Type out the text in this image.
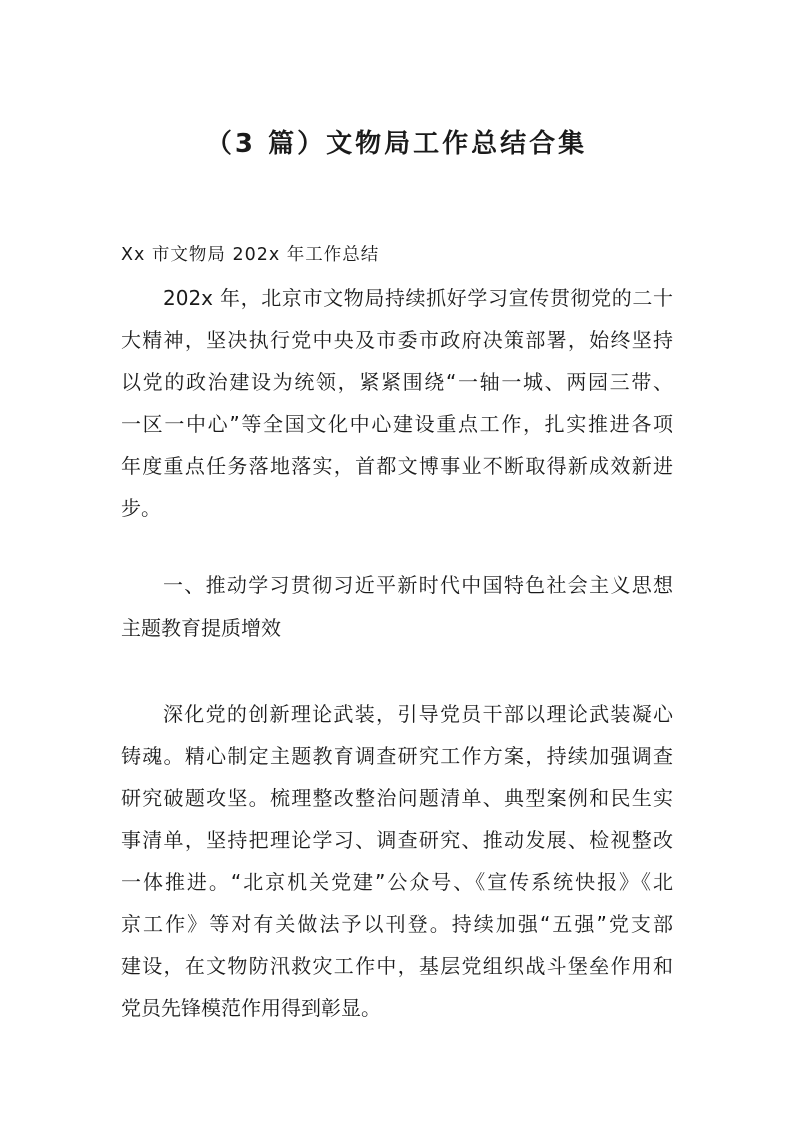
（3 篇）文物局工作总结合集
Xx 市文物局 202x 年工作总结
202x 年，北京市文物局持续抓好学习宣传贯彻党的二十
大精神，坚决执行党中央及市委市政府决策部署，始终坚持
以党的政治建设为统领，紧紧围绕“一轴一城、两园三带、
一区一中心”等全国文化中心建设重点工作，扎实推进各项
年度重点任务落地落实，首都文博事业不断取得新成效新进
步。
一、推动学习贯彻习近平新时代中国特色社会主义思想
主题教育提质增效
深化党的创新理论武装，引导党员干部以理论武装凝心
铸魂。精心制定主题教育调查研究工作方案，持续加强调查
研究破题攻坚。梳理整改整治问题清单、典型案例和民生实
事清单，坚持把理论学习、调查研究、推动发展、检视整改
一体推进。“北京机关党建”公众号、《宣传系统快报》《北
京工作》等对有关做法予以刊登。持续加强“五强”党支部
建设，在文物防汛救灾工作中，基层党组织战斗堡垒作用和
党员先锋模范作用得到彰显。
